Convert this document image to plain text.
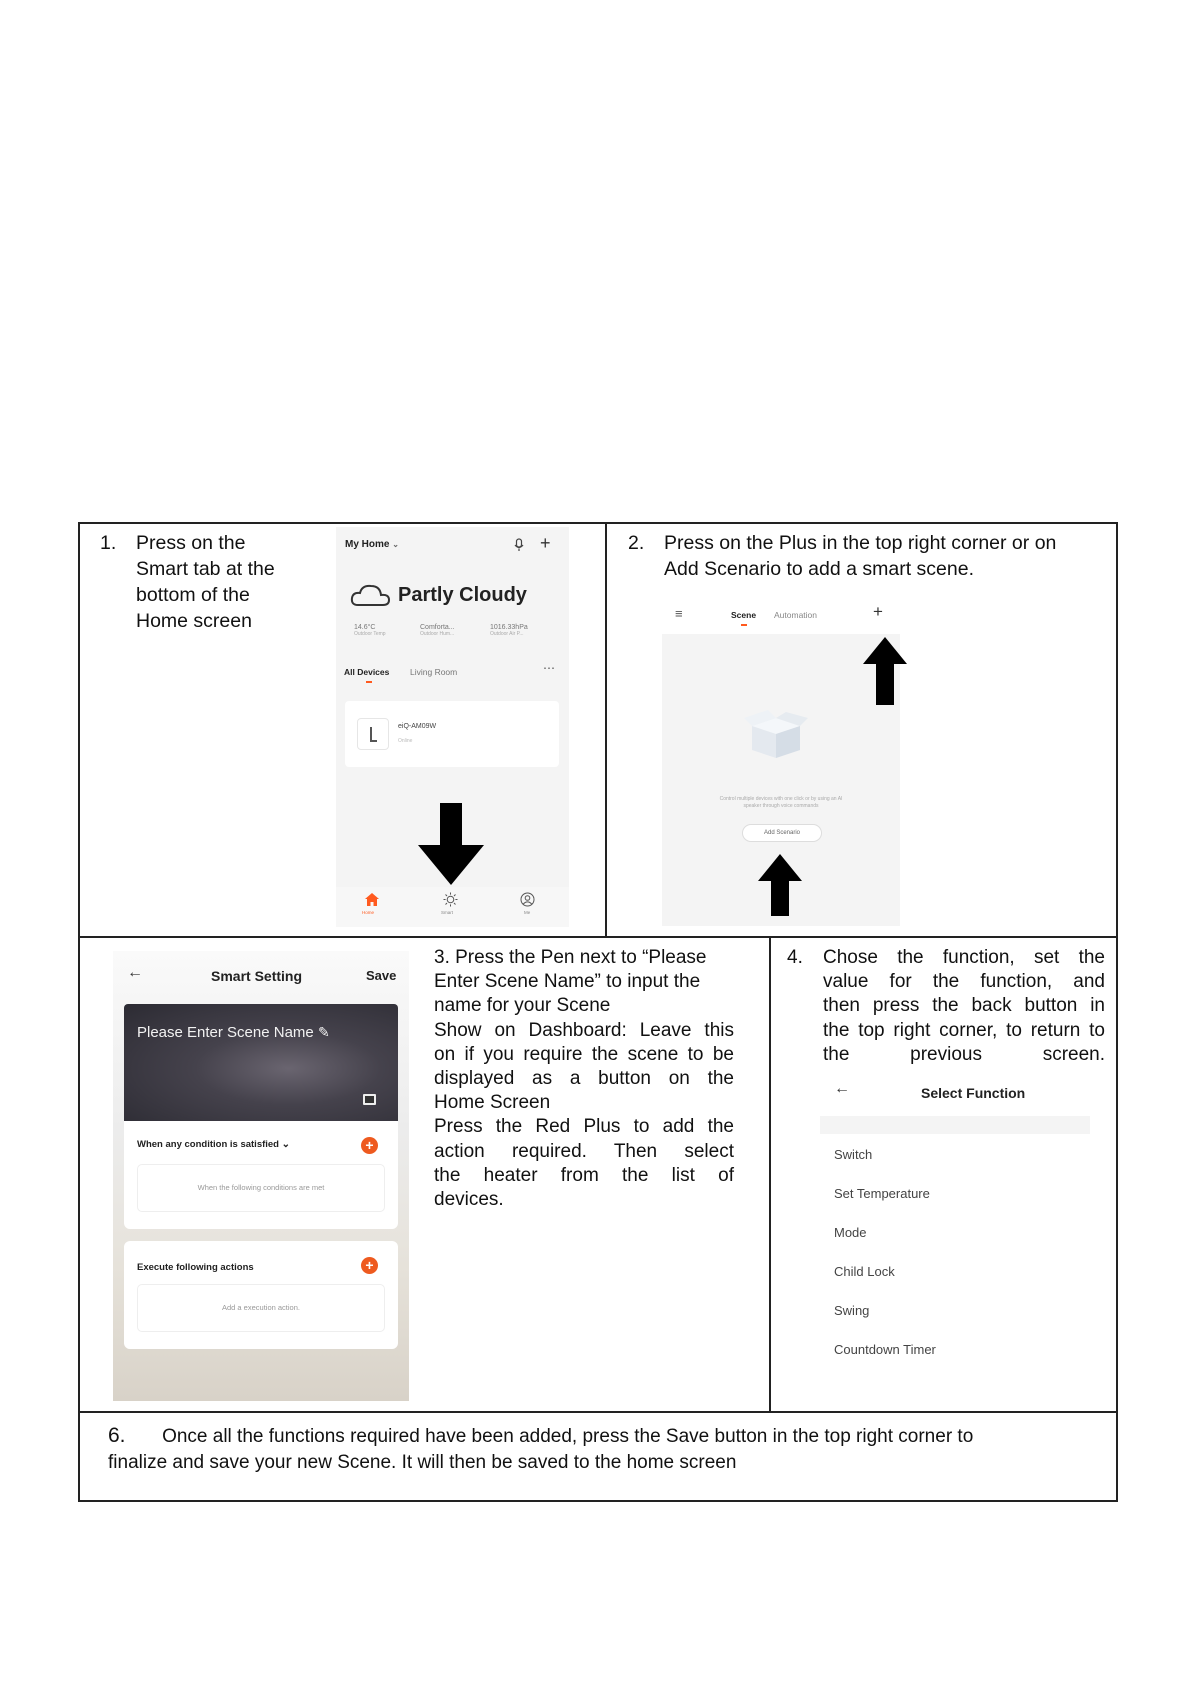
1. Press on the
Smart tab at the
bottom of the
Home screen
My Home ⌄	+
Partly Cloudy
14.6°C
Outdoor Temp
Comforta...
Outdoor Hum...
1016.33hPa
Outdoor Air P...
All Devices Living Room	⋯
eiQ-AM09W
Online
Home	Smart	Me
2. Press on the Plus in the top right corner or on
Add Scenario to add a smart scene.
≡	Scene Automation	+
Control multiple devices with one click or by using an AI
speaker through voice commands
Add Scenario
←	Smart Setting	Save
Please Enter Scene Name ✎
When any condition is satisfied ⌄	+
When the following conditions are met
Execute following actions	+
Add a execution action.
3. Press the Pen next to “Please
Enter Scene Name” to input the
name for your Scene
Show on Dashboard: Leave this
on if you require the scene to be
displayed as a button on the
Home Screen
Press the Red Plus to add the
action required. Then select
the heater from the list of
devices.
4. Chose the function, set the
value for the function, and
then press the back button in
the top right corner, to return to
the previous screen.
←	Select Function
Switch
Set Temperature
Mode
Child Lock
Swing
Countdown Timer
6. Once all the functions required have been added, press the Save button in the top right corner to
finalize and save your new Scene. It will then be saved to the home screen
